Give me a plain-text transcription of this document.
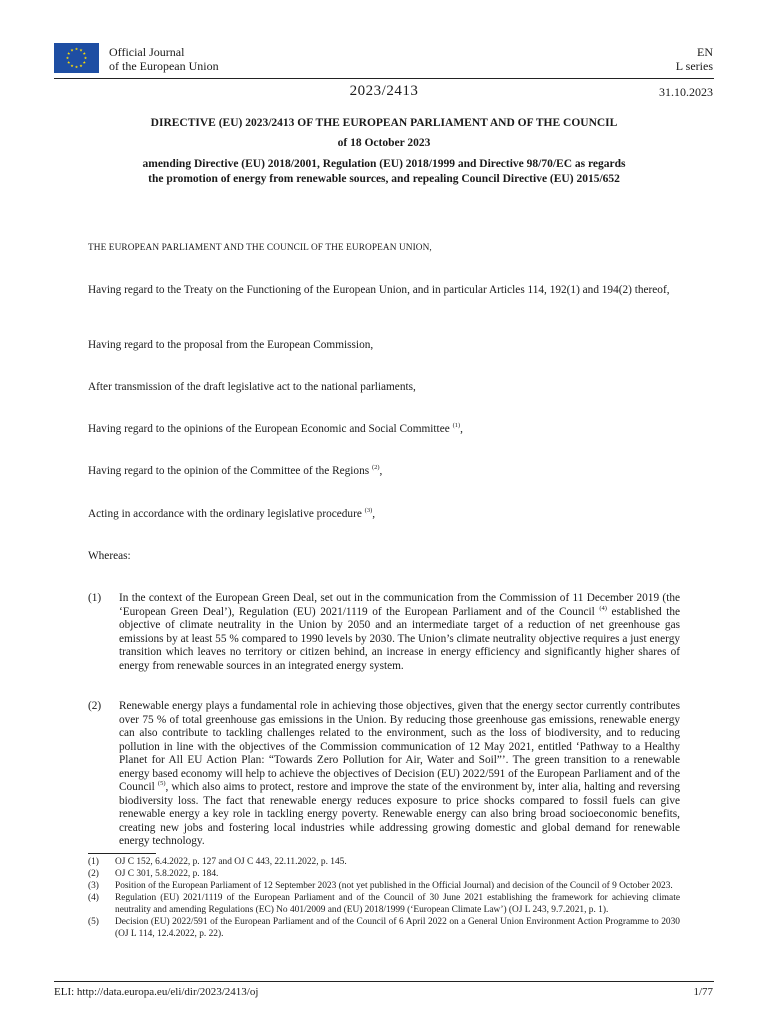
Official Journal
of the European Union
EN
L series
2023/2413	31.10.2023

DIRECTIVE (EU) 2023/2413 OF THE EUROPEAN PARLIAMENT AND OF THE COUNCIL

of 18 October 2023

amending Directive (EU) 2018/2001, Regulation (EU) 2018/1999 and Directive 98/70/EC as regards

the promotion of energy from renewable sources, and repealing Council Directive (EU) 2015/652

THE EUROPEAN PARLIAMENT AND THE COUNCIL OF THE EUROPEAN UNION,
Having regard to the Treaty on the Functioning of the European Union, and in particular Articles 114, 192(1) and 194(2) thereof,
Having regard to the proposal from the European Commission,
After transmission of the draft legislative act to the national parliaments,
Having regard to the opinions of the European Economic and Social Committee $^{(1)}$,
Having regard to the opinion of the Committee of the Regions $^{(2)}$,
Acting in accordance with the ordinary legislative procedure $^{(3)}$,
Whereas:
(1) In the context of the European Green Deal, set out in the communication from the Commission of 11 December 2019 (the ‘European Green Deal’), Regulation (EU) 2021/1119 of the European Parliament and of the Council $^{(4)}$ established the objective of climate neutrality in the Union by 2050 and an intermediate target of a reduction of net greenhouse gas emissions by at least 55 % compared to 1990 levels by 2030. The Union’s climate neutrality objective requires a just energy transition which leaves no territory or citizen behind, an increase in energy efficiency and significantly higher shares of energy from renewable sources in an integrated energy system.
(2) Renewable energy plays a fundamental role in achieving those objectives, given that the energy sector currently contributes over 75 % of total greenhouse gas emissions in the Union. By reducing those greenhouse gas emissions, renewable energy can also contribute to tackling challenges related to the environment, such as the loss of biodiversity, and to reducing pollution in line with the objectives of the Commission communication of 12 May 2021, entitled ‘Pathway to a Healthy Planet for All EU Action Plan: “Towards Zero Pollution for Air, Water and Soil”’. The green transition to a renewable energy based economy will help to achieve the objectives of Decision (EU) 2022/591 of the European Parliament and of the Council $^{(5)}$, which also aims to protect, restore and improve the state of the environment by, inter alia, halting and reversing biodiversity loss. The fact that renewable energy reduces exposure to price shocks compared to fossil fuels can give renewable energy a key role in tackling energy poverty. Renewable energy can also bring broad socioeconomic benefits, creating new jobs and fostering local industries while addressing growing domestic and global demand for renewable energy technology.
(1) OJ C 152, 6.4.2022, p. 127 and OJ C 443, 22.11.2022, p. 145.
(2) OJ C 301, 5.8.2022, p. 184.
(3) Position of the European Parliament of 12 September 2023 (not yet published in the Official Journal) and decision of the Council of 9 October 2023.
(4) Regulation (EU) 2021/1119 of the European Parliament and of the Council of 30 June 2021 establishing the framework for achieving climate neutrality and amending Regulations (EC) No 401/2009 and (EU) 2018/1999 (‘European Climate Law’) (OJ L 243, 9.7.2021, p. 1).
(5) Decision (EU) 2022/591 of the European Parliament and of the Council of 6 April 2022 on a General Union Environment Action Programme to 2030 (OJ L 114, 12.4.2022, p. 22).
ELI: http://data.europa.eu/eli/dir/2023/2413/oj	1/77
